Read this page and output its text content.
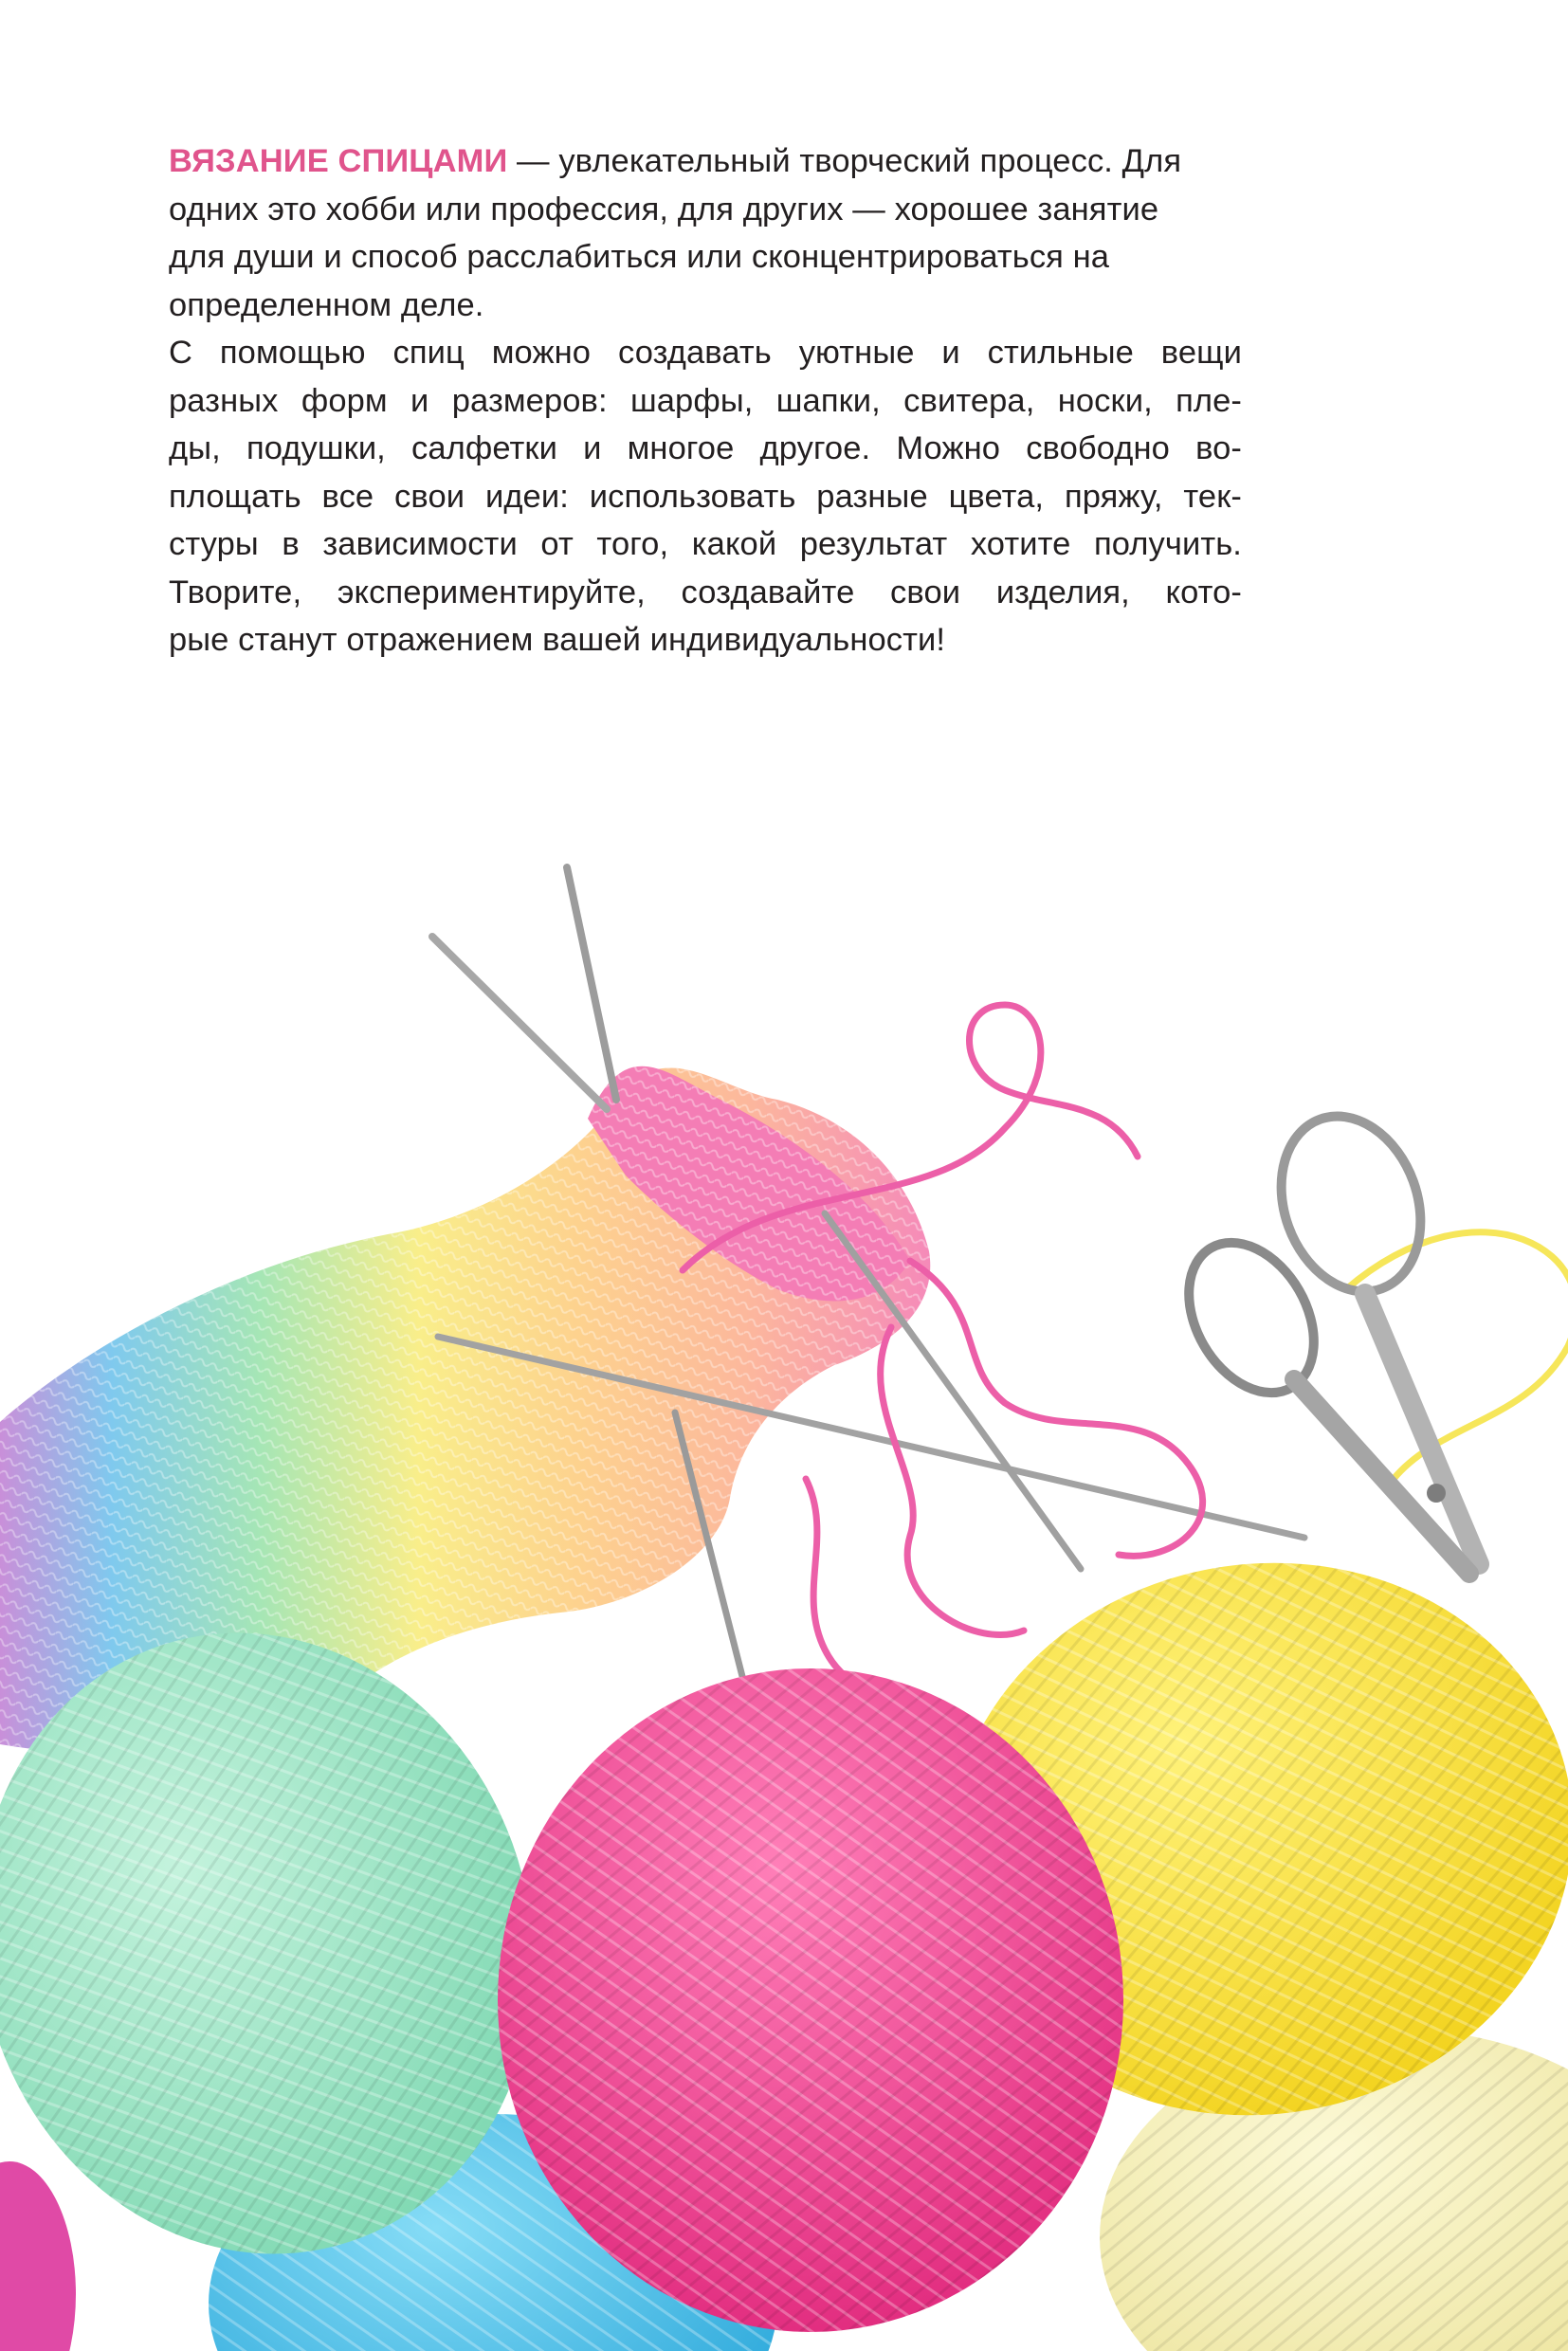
ВЯЗАНИЕ СПИЦАМИ — увлекательный творческий процесс. Для
одних это хобби или профессия, для других — хорошее занятие
для души и способ расслабиться или сконцентрироваться на
определенном деле.

С помощью спиц можно создавать уютные и стильные вещи
разных форм и размеров: шарфы, шапки, свитера, носки, пле-
ды, подушки, салфетки и многое другое. Можно свободно во-
площать все свои идеи: использовать разные цвета, пряжу, тек-
стуры в зависимости от того, какой результат хотите получить.
Творите, экспериментируйте, создавайте свои изделия, кото-
рые станут отражением вашей индивидуальности!
